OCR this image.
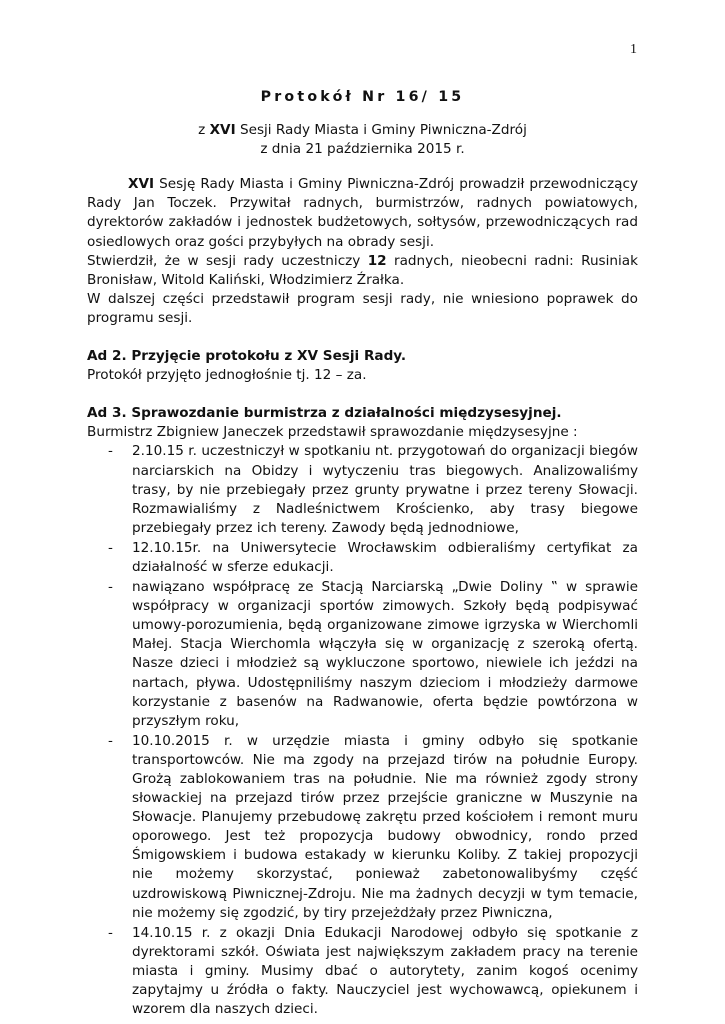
1

Protokół Nr 16/ 15

z XVI Sesji Rady Miasta i Gminy Piwniczna-Zdrój

z dnia 21 października 2015 r.

XVI Sesję Rady Miasta i Gminy Piwniczna-Zdrój prowadził przewodniczący Rady Jan Toczek. Przywitał radnych, burmistrzów, radnych powiatowych, dyrektorów zakładów i jednostek budżetowych, sołtysów, przewodniczących rad osiedlowych oraz gości przybyłych na obrady sesji.

Stwierdził, że w sesji rady uczestniczy 12 radnych, nieobecni radni: Rusiniak Bronisław, Witold Kaliński, Włodzimierz Źrałka.

W dalszej części przedstawił program sesji rady, nie wniesiono poprawek do programu sesji.

Ad 2. Przyjęcie protokołu z XV Sesji Rady.

Protokół przyjęto jednogłośnie tj. 12 – za.

Ad 3. Sprawozdanie burmistrza z działalności międzysesyjnej.

Burmistrz Zbigniew Janeczek przedstawił sprawozdanie międzysesyjne :

- 2.10.15 r. uczestniczył w spotkaniu nt. przygotowań do organizacji biegów narciarskich na Obidzy i wytyczeniu tras biegowych. Analizowaliśmy trasy, by nie przebiegały przez grunty prywatne i przez tereny Słowacji. Rozmawialiśmy z Nadleśnictwem Krościenko, aby trasy biegowe przebiegały przez ich tereny. Zawody będą jednodniowe,
- 12.10.15r. na Uniwersytecie Wrocławskim odbieraliśmy certyfikat za działalność w sferze edukacji.
- nawiązano współpracę ze Stacją Narciarską „Dwie Doliny ‟ w sprawie współpracy w organizacji sportów zimowych. Szkoły będą podpisywać umowy-porozumienia, będą organizowane zimowe igrzyska w Wierchomli Małej. Stacja Wierchomla włączyła się w organizację z szeroką ofertą. Nasze dzieci i młodzież są wykluczone sportowo, niewiele ich jeździ na nartach, pływa. Udostępniliśmy naszym dzieciom i młodzieży darmowe korzystanie z basenów na Radwanowie, oferta będzie powtórzona w przyszłym roku,
- 10.10.2015 r. w urzędzie miasta i gminy odbyło się spotkanie transportowców. Nie ma zgody na przejazd tirów na południe Europy. Grożą zablokowaniem tras na południe. Nie ma również zgody strony słowackiej na przejazd tirów przez przejście graniczne w Muszynie na Słowacje. Planujemy przebudowę zakrętu przed kościołem i remont muru oporowego. Jest też propozycja budowy obwodnicy, rondo przed Śmigowskiem i budowa estakady w kierunku Koliby. Z takiej propozycji nie możemy skorzystać, ponieważ zabetonowalibyśmy część uzdrowiskową Piwnicznej-Zdroju. Nie ma żadnych decyzji w tym temacie, nie możemy się zgodzić, by tiry przejeżdżały przez Piwniczna,
- 14.10.15 r. z okazji Dnia Edukacji Narodowej odbyło się spotkanie z dyrektorami szkół. Oświata jest największym zakładem pracy na terenie miasta i gminy. Musimy dbać o autorytety, zanim kogoś ocenimy zapytajmy u źródła o fakty. Nauczyciel jest wychowawcą, opiekunem i wzorem dla naszych dzieci.
